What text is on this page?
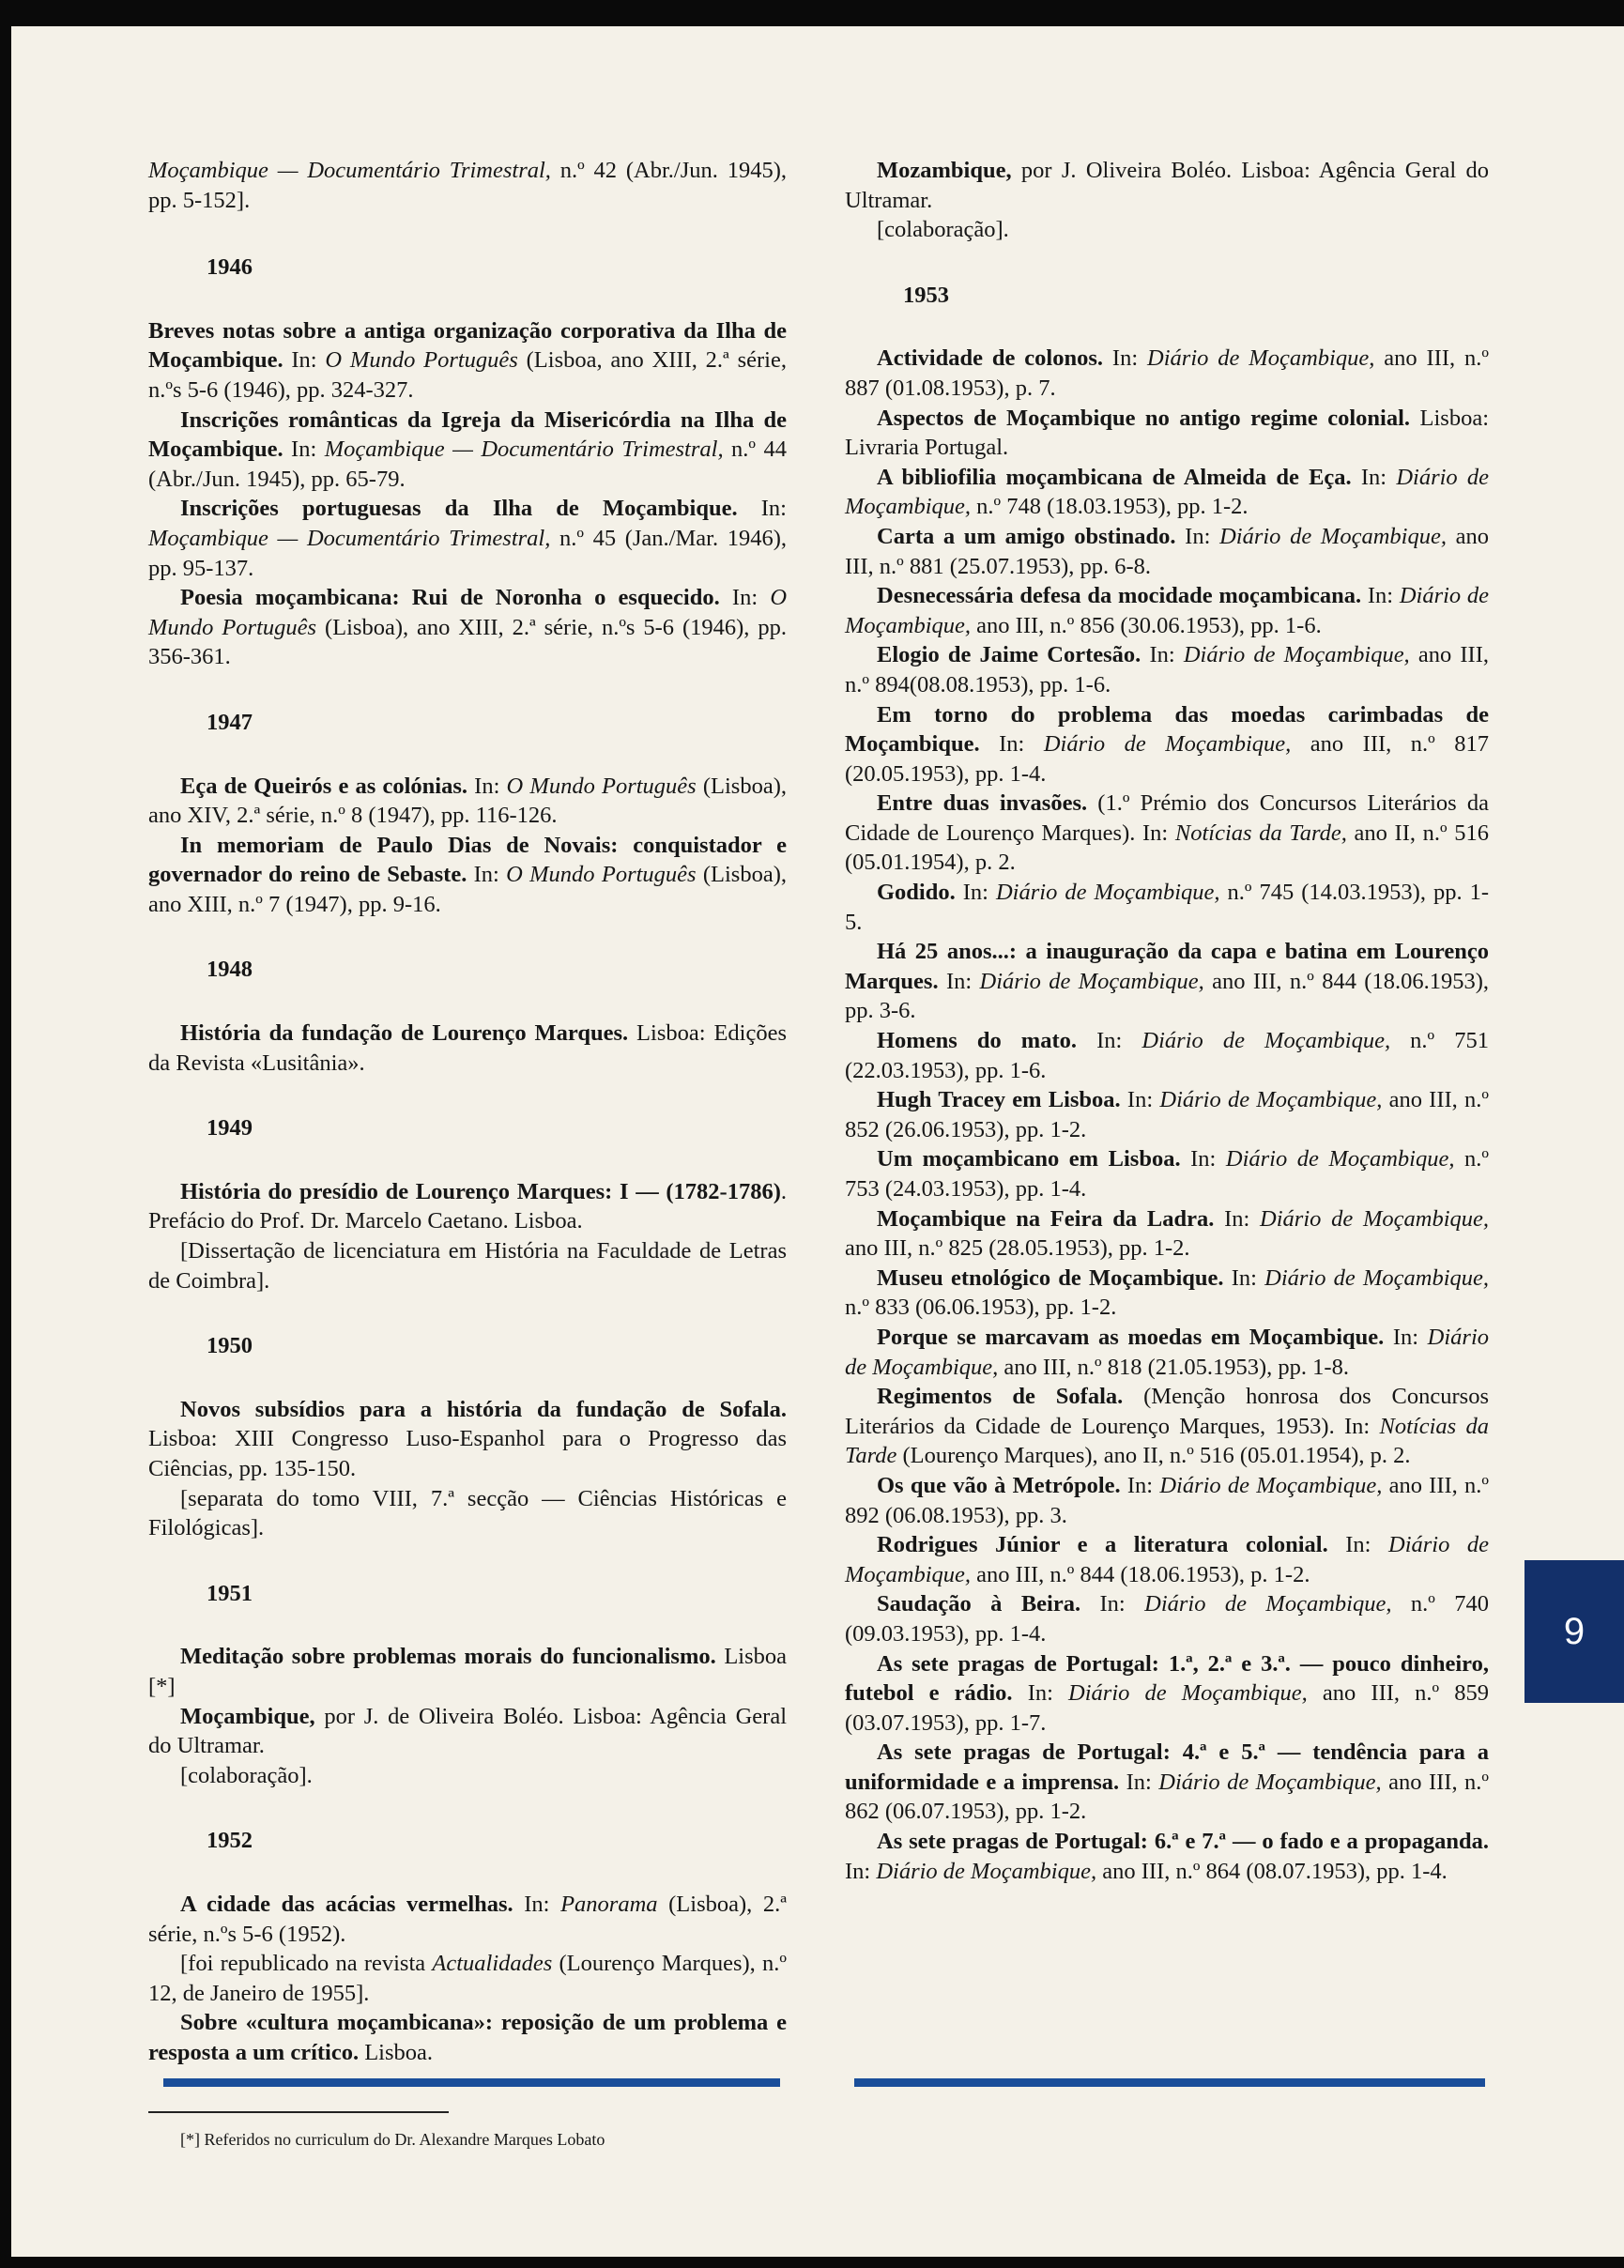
Moçambique — Documentário Trimestral, n.º 42 (Abr./Jun. 1945), pp. 5-152].

1946

Breves notas sobre a antiga organização corporativa da Ilha de Moçambique. In: O Mundo Português (Lisboa, ano XIII, 2.ª série, n.ºs 5-6 (1946), pp. 324-327.

Inscrições românticas da Igreja da Misericórdia na Ilha de Moçambique. In: Moçambique — Documentário Trimestral, n.º 44 (Abr./Jun. 1945), pp. 65-79.

Inscrições portuguesas da Ilha de Moçambique. In: Moçambique — Documentário Trimestral, n.º 45 (Jan./Mar. 1946), pp. 95-137.

Poesia moçambicana: Rui de Noronha o esquecido. In: O Mundo Português (Lisboa), ano XIII, 2.ª série, n.ºs 5-6 (1946), pp. 356-361.

1947

Eça de Queirós e as colónias. In: O Mundo Português (Lisboa), ano XIV, 2.ª série, n.º 8 (1947), pp. 116-126.

In memoriam de Paulo Dias de Novais: conquistador e governador do reino de Sebaste. In: O Mundo Português (Lisboa), ano XIII, n.º 7 (1947), pp. 9-16.

1948

História da fundação de Lourenço Marques. Lisboa: Edições da Revista «Lusitânia».

1949

História do presídio de Lourenço Marques: I — (1782-1786). Prefácio do Prof. Dr. Marcelo Caetano. Lisboa.

[Dissertação de licenciatura em História na Faculdade de Letras de Coimbra].

1950

Novos subsídios para a história da fundação de Sofala. Lisboa: XIII Congresso Luso-Espanhol para o Progresso das Ciências, pp. 135-150.

[separata do tomo VIII, 7.ª secção — Ciências Históricas e Filológicas].

1951

Meditação sobre problemas morais do funcionalismo. Lisboa [*]

Moçambique, por J. de Oliveira Boléo. Lisboa: Agência Geral do Ultramar.

[colaboração].

1952

A cidade das acácias vermelhas. In: Panorama (Lisboa), 2.ª série, n.ºs 5-6 (1952).

[foi republicado na revista Actualidades (Lourenço Marques), n.º 12, de Janeiro de 1955].

Sobre «cultura moçambicana»: reposição de um problema e resposta a um crítico. Lisboa.

[*] Referidos no curriculum do Dr. Alexandre Marques Lobato

Mozambique, por J. Oliveira Boléo. Lisboa: Agência Geral do Ultramar.

[colaboração].

1953

Actividade de colonos. In: Diário de Moçambique, ano III, n.º 887 (01.08.1953), p. 7.

Aspectos de Moçambique no antigo regime colonial. Lisboa: Livraria Portugal.

A bibliofilia moçambicana de Almeida de Eça. In: Diário de Moçambique, n.º 748 (18.03.1953), pp. 1-2.

Carta a um amigo obstinado. In: Diário de Moçambique, ano III, n.º 881 (25.07.1953), pp. 6-8.

Desnecessária defesa da mocidade moçambicana. In: Diário de Moçambique, ano III, n.º 856 (30.06.1953), pp. 1-6.

Elogio de Jaime Cortesão. In: Diário de Moçambique, ano III, n.º 894(08.08.1953), pp. 1-6.

Em torno do problema das moedas carimbadas de Moçambique. In: Diário de Moçambique, ano III, n.º 817 (20.05.1953), pp. 1-4.

Entre duas invasões. (1.º Prémio dos Concursos Literários da Cidade de Lourenço Marques). In: Notícias da Tarde, ano II, n.º 516 (05.01.1954), p. 2.

Godido. In: Diário de Moçambique, n.º 745 (14.03.1953), pp. 1-5.

Há 25 anos...: a inauguração da capa e batina em Lourenço Marques. In: Diário de Moçambique, ano III, n.º 844 (18.06.1953), pp. 3-6.

Homens do mato. In: Diário de Moçambique, n.º 751 (22.03.1953), pp. 1-6.

Hugh Tracey em Lisboa. In: Diário de Moçambique, ano III, n.º 852 (26.06.1953), pp. 1-2.

Um moçambicano em Lisboa. In: Diário de Moçambique, n.º 753 (24.03.1953), pp. 1-4.

Moçambique na Feira da Ladra. In: Diário de Moçambique, ano III, n.º 825 (28.05.1953), pp. 1-2.

Museu etnológico de Moçambique. In: Diário de Moçambique, n.º 833 (06.06.1953), pp. 1-2.

Porque se marcavam as moedas em Moçambique. In: Diário de Moçambique, ano III, n.º 818 (21.05.1953), pp. 1-8.

Regimentos de Sofala. (Menção honrosa dos Concursos Literários da Cidade de Lourenço Marques, 1953). In: Notícias da Tarde (Lourenço Marques), ano II, n.º 516 (05.01.1954), p. 2.

Os que vão à Metrópole. In: Diário de Moçambique, ano III, n.º 892 (06.08.1953), pp. 3.

Rodrigues Júnior e a literatura colonial. In: Diário de Moçambique, ano III, n.º 844 (18.06.1953), p. 1-2.

Saudação à Beira. In: Diário de Moçambique, n.º 740 (09.03.1953), pp. 1-4.

As sete pragas de Portugal: 1.ª, 2.ª e 3.ª. — pouco dinheiro, futebol e rádio. In: Diário de Moçambique, ano III, n.º 859 (03.07.1953), pp. 1-7.

As sete pragas de Portugal: 4.ª e 5.ª — tendência para a uniformidade e a imprensa. In: Diário de Moçambique, ano III, n.º 862 (06.07.1953), pp. 1-2.

As sete pragas de Portugal: 6.ª e 7.ª — o fado e a propaganda. In: Diário de Moçambique, ano III, n.º 864 (08.07.1953), pp. 1-4.

9
